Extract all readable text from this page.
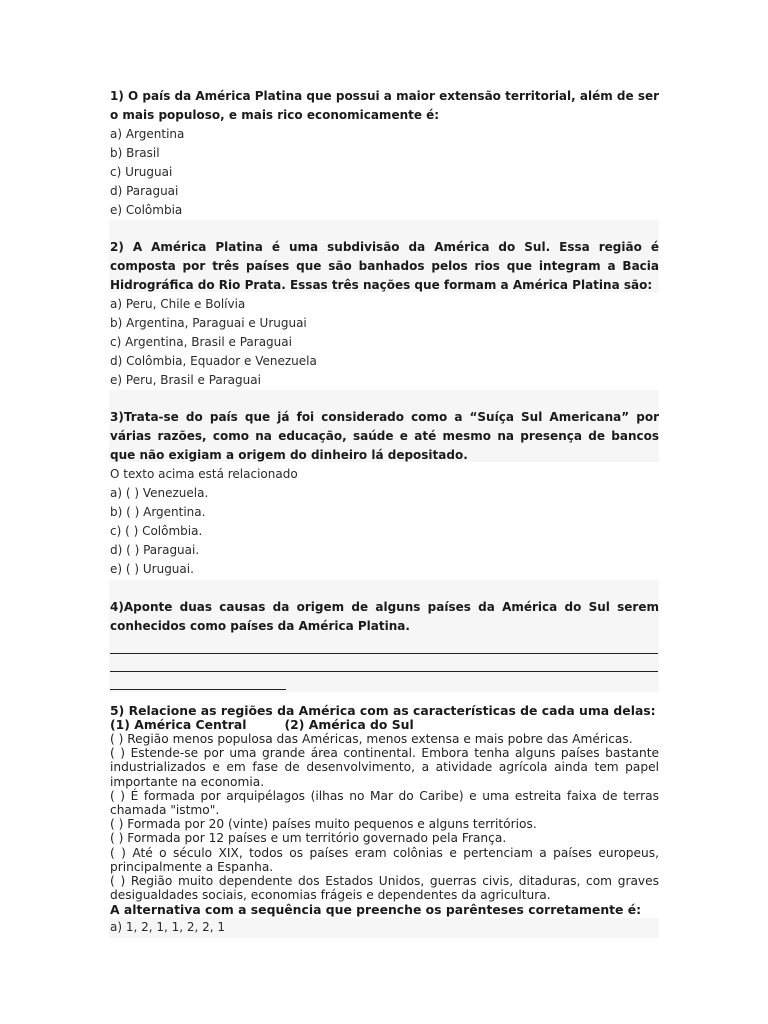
1) O país da América Platina que possui a maior extensão territorial, além de ser o mais populoso, e mais rico economicamente é:

a) Argentina

b) Brasil

c) Uruguai

d) Paraguai

e) Colômbia

2) A América Platina é uma subdivisão da América do Sul. Essa região é composta por três países que são banhados pelos rios que integram a Bacia Hidrográfica do Rio Prata. Essas três nações que formam a América Platina são:

a) Peru, Chile e Bolívia

b) Argentina, Paraguai e Uruguai

c) Argentina, Brasil e Paraguai

d) Colômbia, Equador e Venezuela

e) Peru, Brasil e Paraguai

3)Trata-se do país que já foi considerado como a “Suíça Sul Americana” por várias razões, como na educação, saúde e até mesmo na presença de bancos que não exigiam a origem do dinheiro lá depositado.

O texto acima está relacionado

a) ( ) Venezuela.

b) ( ) Argentina.

c) ( ) Colômbia.

d) ( ) Paraguai.

e) ( ) Uruguai.

4)Aponte duas causas da origem de alguns países da América do Sul serem conhecidos como países da América Platina.

5) Relacione as regiões da América com as características de cada uma delas:

(1) América Central	(2) América do Sul

( ) Região menos populosa das Américas, menos extensa e mais pobre das Américas.

( ) Estende-se por uma grande área continental. Embora tenha alguns países bastante industrializados e em fase de desenvolvimento, a atividade agrícola ainda tem papel importante na economia.

( ) É formada por arquipélagos (ilhas no Mar do Caribe) e uma estreita faixa de terras chamada "istmo".

( ) Formada por 20 (vinte) países muito pequenos e alguns territórios.

( ) Formada por 12 países e um território governado pela França.

( ) Até o século XIX, todos os países eram colônias e pertenciam a países europeus, principalmente a Espanha.

( ) Região muito dependente dos Estados Unidos, guerras civis, ditaduras, com graves desigualdades sociais, economias frágeis e dependentes da agricultura.

A alternativa com a sequência que preenche os parênteses corretamente é:

a) 1, 2, 1, 1, 2, 2, 1
